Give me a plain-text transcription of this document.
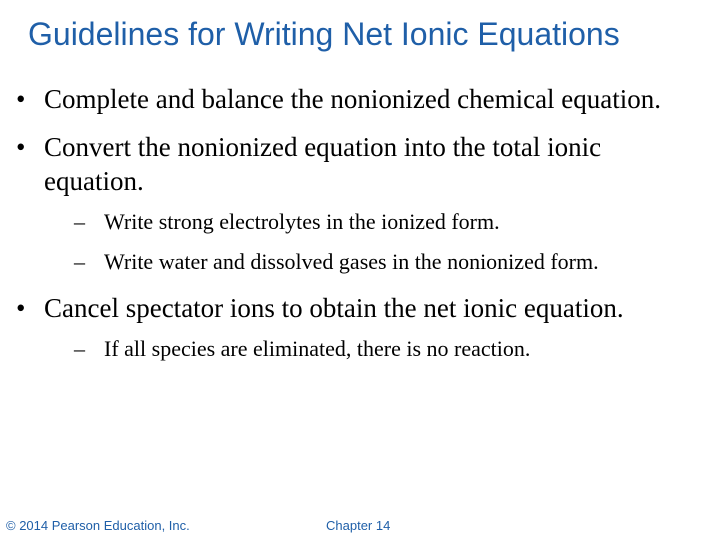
Guidelines for Writing Net Ionic Equations
• Complete and balance the nonionized chemical equation.
• Convert the nonionized equation into the total ionic equation.
– Write strong electrolytes in the ionized form.
– Write water and dissolved gases in the nonionized form.
• Cancel spectator ions to obtain the net ionic equation.
– If all species are eliminated, there is no reaction.
© 2014 Pearson Education, Inc.	Chapter 14
